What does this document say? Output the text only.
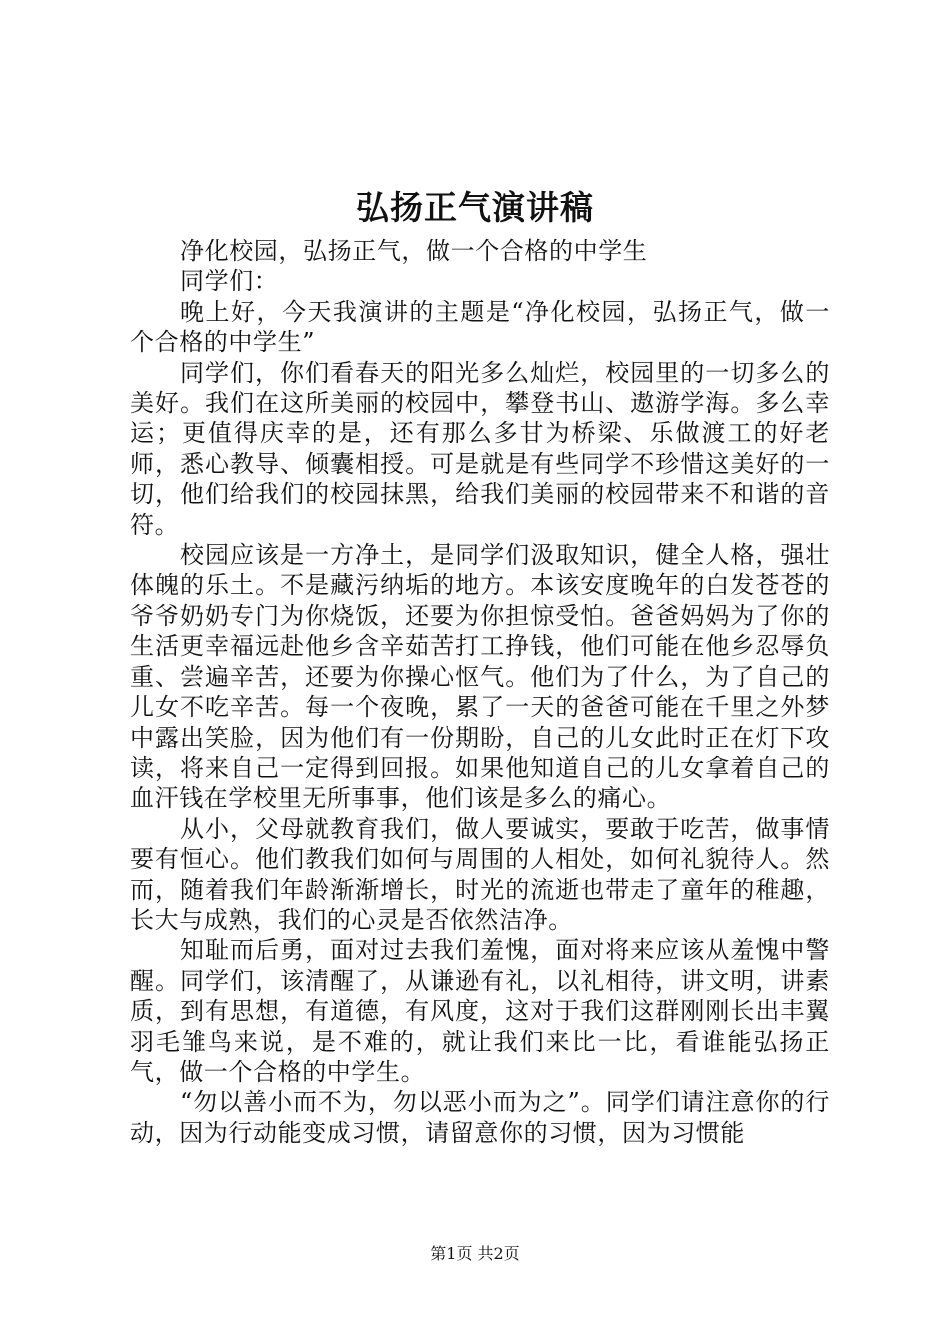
弘扬正气演讲稿

净化校园，弘扬正气，做一个合格的中学生

同学们：

晚上好，今天我演讲的主题是“净化校园，弘扬正气，做一个合格的中学生”

同学们，你们看春天的阳光多么灿烂，校园里的一切多么的美好。我们在这所美丽的校园中，攀登书山、遨游学海。多么幸运；更值得庆幸的是，还有那么多甘为桥梁、乐做渡工的好老师，悉心教导、倾囊相授。可是就是有些同学不珍惜这美好的一切，他们给我们的校园抹黑，给我们美丽的校园带来不和谐的音符。

校园应该是一方净土，是同学们汲取知识，健全人格，强壮体魄的乐土。不是藏污纳垢的地方。本该安度晚年的白发苍苍的爷爷奶奶专门为你烧饭，还要为你担惊受怕。爸爸妈妈为了你的生活更幸福远赴他乡含辛茹苦打工挣钱，他们可能在他乡忍辱负重、尝遍辛苦，还要为你操心怄气。他们为了什么，为了自己的儿女不吃辛苦。每一个夜晚，累了一天的爸爸可能在千里之外梦中露出笑脸，因为他们有一份期盼，自己的儿女此时正在灯下攻读，将来自己一定得到回报。如果他知道自己的儿女拿着自己的血汗钱在学校里无所事事，他们该是多么的痛心。

从小，父母就教育我们，做人要诚实，要敢于吃苦，做事情要有恒心。他们教我们如何与周围的人相处，如何礼貌待人。然而，随着我们年龄渐渐增长，时光的流逝也带走了童年的稚趣，长大与成熟，我们的心灵是否依然洁净。

知耻而后勇，面对过去我们羞愧，面对将来应该从羞愧中警醒。同学们，该清醒了，从谦逊有礼，以礼相待，讲文明，讲素质，到有思想，有道德，有风度，这对于我们这群刚刚长出丰翼羽毛雏鸟来说，是不难的，就让我们来比一比，看谁能弘扬正气，做一个合格的中学生。

“勿以善小而不为，勿以恶小而为之”。同学们请注意你的行动，因为行动能变成习惯，请留意你的习惯，因为习惯能

第1页 共2页
